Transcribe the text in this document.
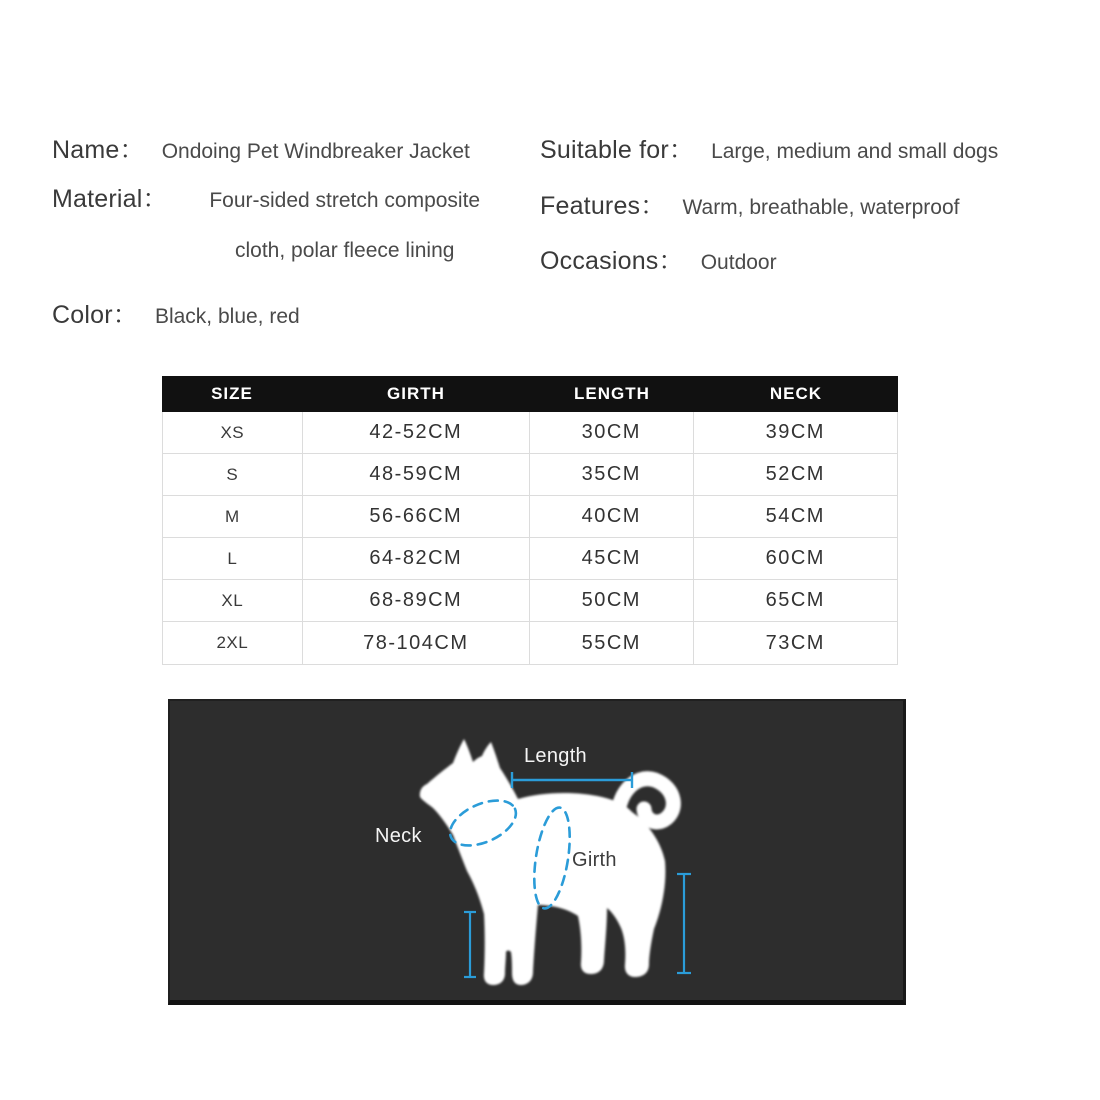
Name： Ondoing Pet Windbreaker Jacket
Material：	Four-sided stretch composite
cloth, polar fleece lining
Color： Black, blue, red
Suitable for： Large, medium and small dogs
Features： Warm, breathable, waterproof
Occasions： Outdoor
SIZE	GIRTH	LENGTH	NECK
XS	42-52CM	30CM	39CM
S	48-59CM	35CM	52CM
M	56-66CM	40CM	54CM
L	64-82CM	45CM	60CM
XL	68-89CM	50CM	65CM
2XL	78-104CM	55CM	73CM
Length
Neck
Girth
